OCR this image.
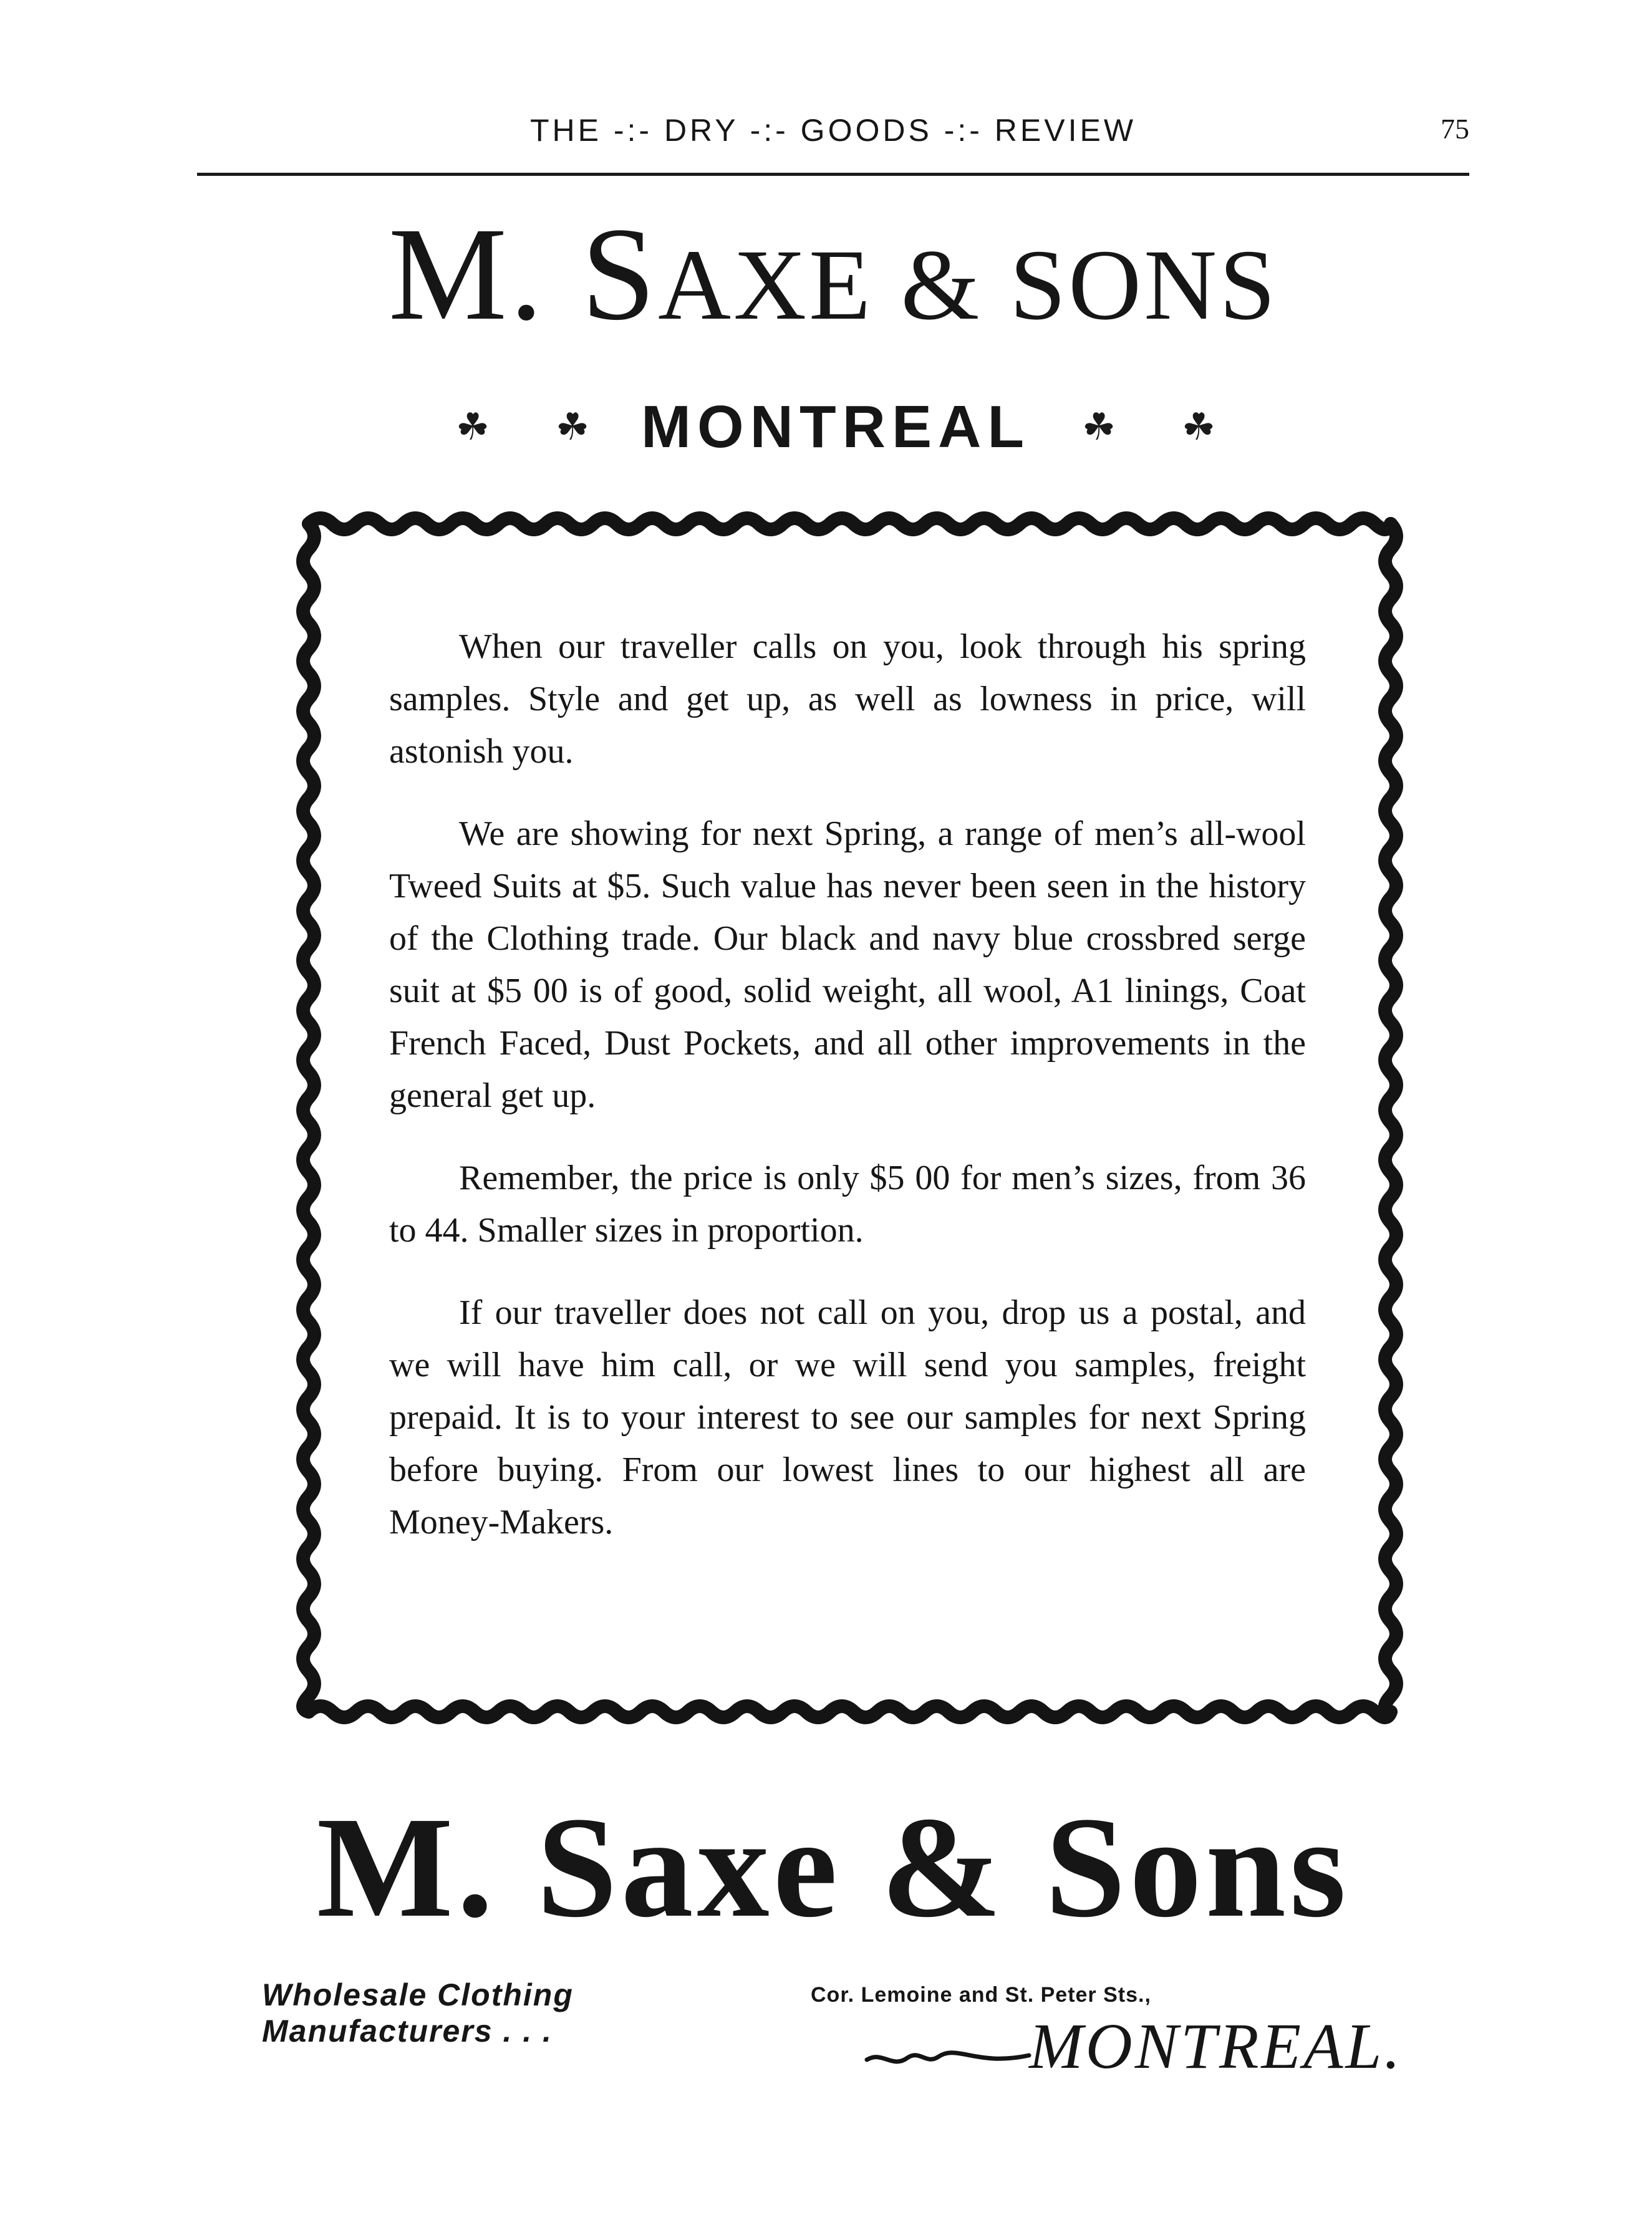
THE -:- DRY -:- GOODS -:- REVIEW	75
M. SAXE & SONS
☘	☘ MONTREAL	☘	☘

When our traveller calls on you, look through his spring samples. Style and get up, as well as lowness in price, will astonish you.

We are showing for next Spring, a range of men’s all-wool Tweed Suits at $5. Such value has never been seen in the history of the Clothing trade. Our black and navy blue crossbred serge suit at $5 00 is of good, solid weight, all wool, A1 linings, Coat French Faced, Dust Pockets, and all other improvements in the general get up.

Remember, the price is only $5 00 for men’s sizes, from 36 to 44. Smaller sizes in proportion.

If our traveller does not call on you, drop us a postal, and we will have him call, or we will send you samples, freight prepaid. It is to your interest to see our samples for next Spring before buying. From our lowest lines to our highest all are Money-Makers.

M. Saxe & Sons
Wholesale Clothing
Manufacturers . . .
Cor. Lemoine and St. Peter Sts.,
MONTREAL.
